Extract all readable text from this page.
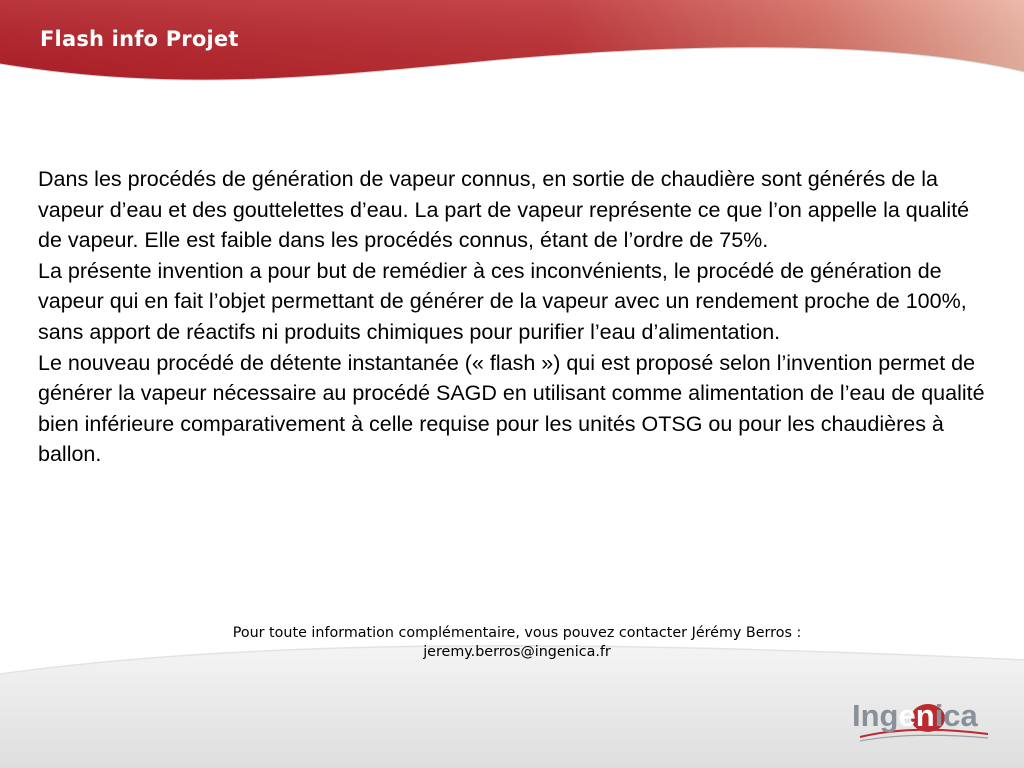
Flash info Projet

Dans les procédés de génération de vapeur connus, en sortie de chaudière sont générés de la vapeur d’eau et des gouttelettes d’eau. La part de vapeur représente ce que l’on appelle la qualité de vapeur. Elle est faible dans les procédés connus, étant de l’ordre de 75%.

La présente invention a pour but de remédier à ces inconvénients, le procédé de génération de vapeur qui en fait l’objet permettant de générer de la vapeur avec un rendement proche de 100%, sans apport de réactifs ni produits chimiques pour purifier l’eau d’alimentation.

Le nouveau procédé de détente instantanée (« flash ») qui est proposé selon l’invention permet de générer la vapeur nécessaire au procédé SAGD en utilisant comme alimentation de l’eau de qualité bien inférieure comparativement à celle requise pour les unités OTSG ou pour les chaudières à ballon.

Pour toute information complémentaire, vous pouvez contacter Jérémy Berros :
jeremy.berros@ingenica.fr
Ingenica
